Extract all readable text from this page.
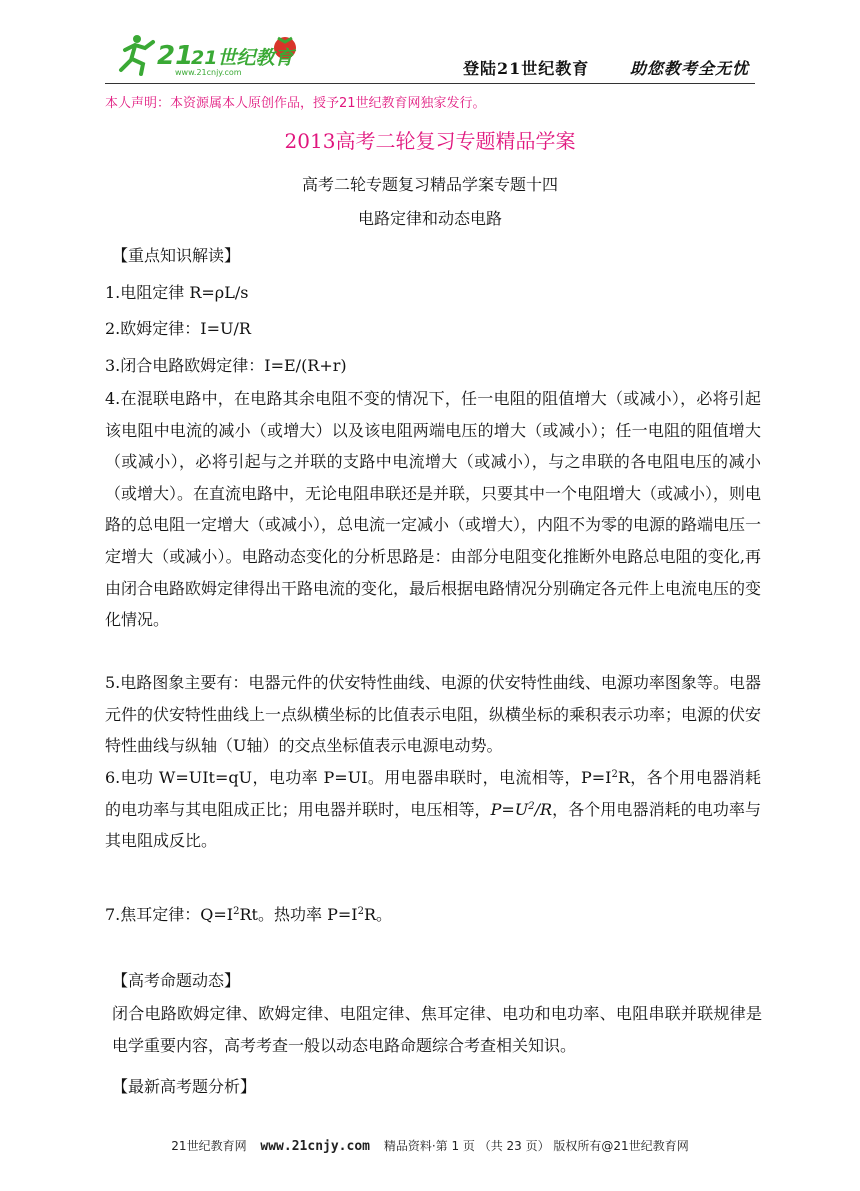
21
21世纪教育
www.21cnjy.com	登陆21世纪教育	助您教考全无忧
本人声明：本资源属本人原创作品，授予21世纪教育网独家发行。
2013高考二轮复习专题精品学案
高考二轮专题复习精品学案专题十四
电路定律和动态电路
【重点知识解读】
1.电阻定律 R=ρL/s
2.欧姆定律：I=U/R
3.闭合电路欧姆定律：I=E/(R+r)
4.在混联电路中，在电路其余电阻不变的情况下，任一电阻的阻值增大（或减小），必将引起该电阻中电流的减小（或增大）以及该电阻两端电压的增大（或减小）；任一电阻的阻值增大（或减小），必将引起与之并联的支路中电流增大（或减小），与之串联的各电阻电压的减小（或增大）。在直流电路中，无论电阻串联还是并联，只要其中一个电阻增大（或减小），则电路的总电阻一定增大（或减小），总电流一定减小（或增大），内阻不为零的电源的路端电压一定增大（或减小）。电路动态变化的分析思路是：由部分电阻变化推断外电路总电阻的变化,再由闭合电路欧姆定律得出干路电流的变化，最后根据电路情况分别确定各元件上电流电压的变化情况。
5.电路图象主要有：电器元件的伏安特性曲线、电源的伏安特性曲线、电源功率图象等。电器元件的伏安特性曲线上一点纵横坐标的比值表示电阻，纵横坐标的乘积表示功率；电源的伏安特性曲线与纵轴（U轴）的交点坐标值表示电源电动势。
6.电功 W=UIt=qU，电功率 P=UI。用电器串联时，电流相等，$P=I^2R$，各个用电器消耗的电功率与其电阻成正比；用电器并联时，电压相等，$P=U^2/R$，各个用电器消耗的电功率与其电阻成反比。
7.焦耳定律：$Q=I^2Rt$。热功率 $P=I^2R$。
【高考命题动态】
闭合电路欧姆定律、欧姆定律、电阻定律、焦耳定律、电功和电功率、电阻串联并联规律是电学重要内容，高考考查一般以动态电路命题综合考查相关知识。
【最新高考题分析】
21世纪教育网 www.21cnjy.com 精品资料·第 1 页 （共 23 页） 版权所有@21世纪教育网
